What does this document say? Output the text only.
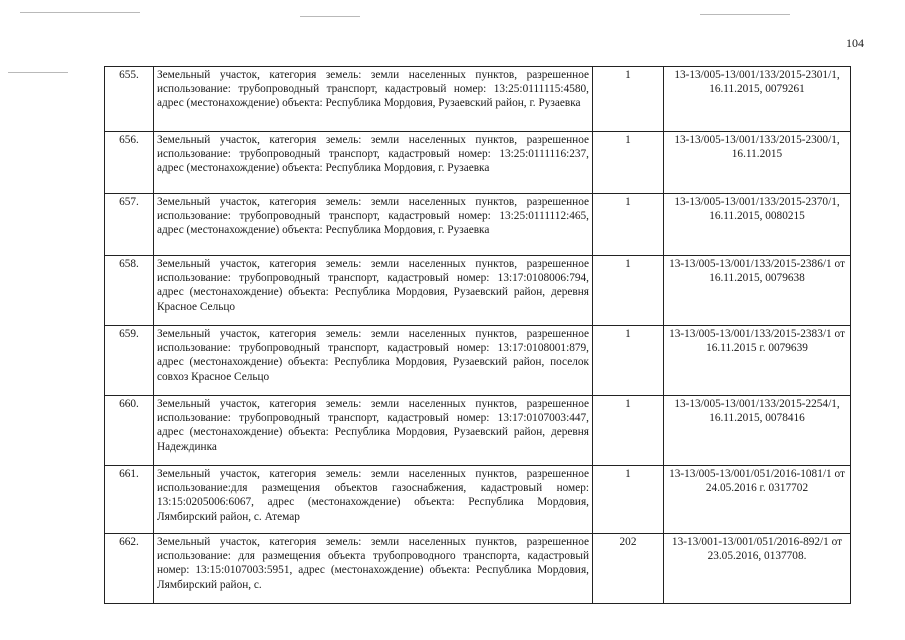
104
655.	Земельный участок, категория земель: земли населенных пунктов, разрешенное использование: трубопроводный транспорт, кадастровый номер: 13:25:0111115:4580, адрес (местонахождение) объекта: Республика Мордовия, Рузаевский район, г. Рузаевка	1	13-13/005-13/001/133/2015-2301/1, 16.11.2015, 0079261
656.	Земельный участок, категория земель: земли населенных пунктов, разрешенное использование: трубопроводный транспорт, кадастровый номер: 13:25:0111116:237, адрес (местонахождение) объекта: Республика Мордовия, г. Рузаевка	1	13-13/005-13/001/133/2015-2300/1, 16.11.2015
657.	Земельный участок, категория земель: земли населенных пунктов, разрешенное использование: трубопроводный транспорт, кадастровый номер: 13:25:0111112:465, адрес (местонахождение) объекта: Республика Мордовия, г. Рузаевка	1	13-13/005-13/001/133/2015-2370/1, 16.11.2015, 0080215
658.	Земельный участок, категория земель: земли населенных пунктов, разрешенное использование: трубопроводный транспорт, кадастровый номер: 13:17:0108006:794, адрес (местонахождение) объекта: Республика Мордовия, Рузаевский район, деревня Красное Сельцо	1	13-13/005-13/001/133/2015-2386/1 от 16.11.2015, 0079638
659.	Земельный участок, категория земель: земли населенных пунктов, разрешенное использование: трубопроводный транспорт, кадастровый номер: 13:17:0108001:879, адрес (местонахождение) объекта: Республика Мордовия, Рузаевский район, поселок совхоз Красное Сельцо	1	13-13/005-13/001/133/2015-2383/1 от 16.11.2015 г. 0079639
660.	Земельный участок, категория земель: земли населенных пунктов, разрешенное использование: трубопроводный транспорт, кадастровый номер: 13:17:0107003:447, адрес (местонахождение) объекта: Республика Мордовия, Рузаевский район, деревня Надеждинка	1	13-13/005-13/001/133/2015-2254/1, 16.11.2015, 0078416
661.	Земельный участок, категория земель: земли населенных пунктов, разрешенное использование:для размещения объектов газоснабжения, кадастровый номер: 13:15:0205006:6067, адрес (местонахождение) объекта: Республика Мордовия, Лямбирский район, с. Атемар	1	13-13/005-13/001/051/2016-1081/1 от 24.05.2016 г. 0317702
662.	Земельный участок, категория земель: земли населенных пунктов, разрешенное использование: для размещения объекта трубопроводного транспорта, кадастровый номер: 13:15:0107003:5951, адрес (местонахождение) объекта: Республика Мордовия, Лямбирский район, с.	202	13-13/001-13/001/051/2016-892/1 от 23.05.2016, 0137708.
